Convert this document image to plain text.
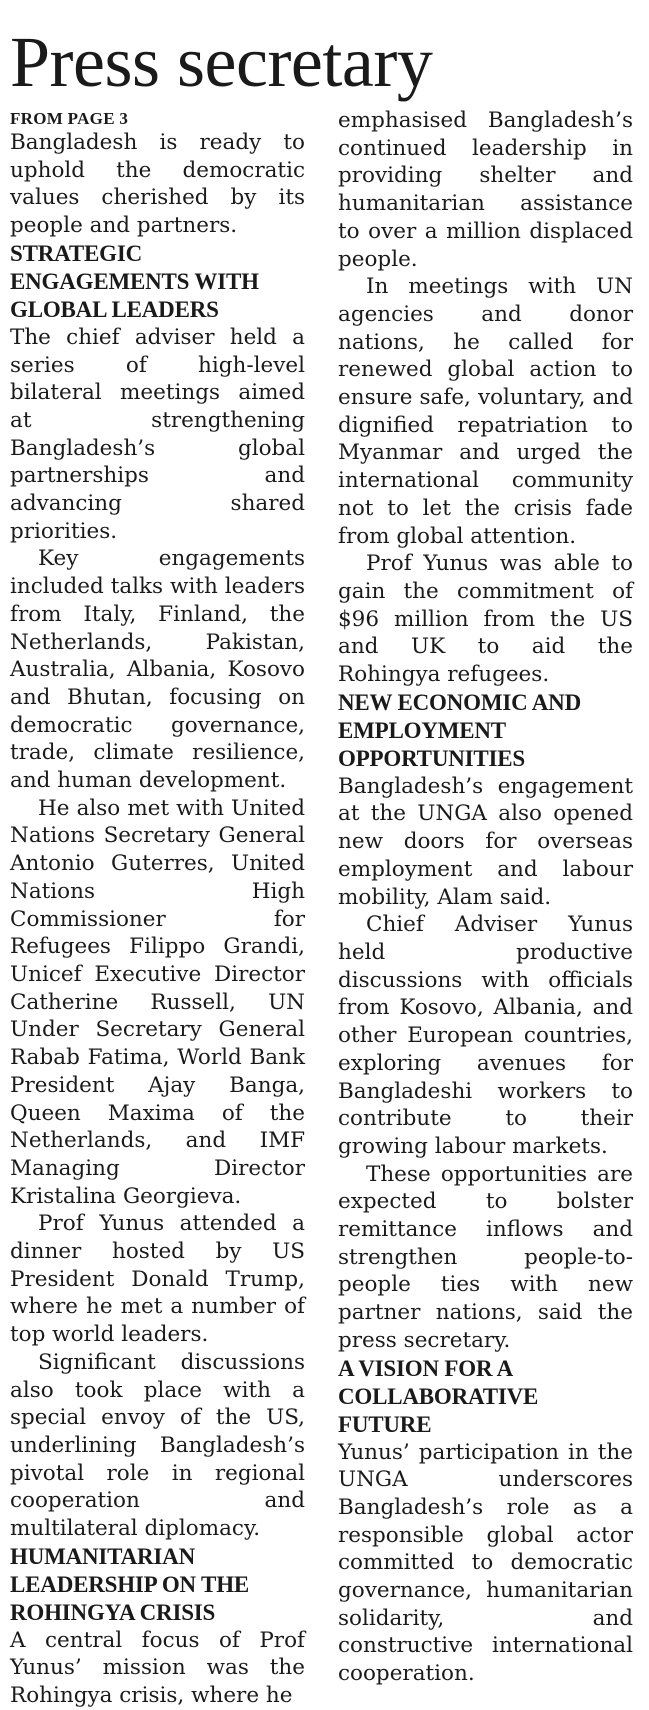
Press secretary
FROM PAGE 3

Bangladesh is ready to uphold the democratic values cherished by its people and partners.

STRATEGIC ENGAGEMENTS WITH GLOBAL LEADERS

The chief adviser held a series of high-level bilateral meetings aimed at strengthening Bangladesh’s global partnerships and advancing shared priorities.

Key engagements included talks with leaders from Italy, Finland, the Netherlands, Pakistan, Australia, Albania, Kosovo and Bhutan, focusing on democratic governance, trade, climate resilience, and human development.

He also met with United Nations Secretary General Antonio Guterres, United Nations High Commissioner for Refugees Filippo Grandi, Unicef Executive Director Catherine Russell, UN Under Secretary General Rabab Fatima, World Bank President Ajay Banga, Queen Maxima of the Netherlands, and IMF Managing Director Kristalina Georgieva.

Prof Yunus attended a dinner hosted by US President Donald Trump, where he met a number of top world leaders.

Significant discussions also took place with a special envoy of the US, underlining Bangladesh’s pivotal role in regional cooperation and multilateral diplomacy.

HUMANITARIAN LEADERSHIP ON THE ROHINGYA CRISIS

A central focus of Prof Yunus’ mission was the Rohingya crisis, where he

emphasised Bangladesh’s continued leadership in providing shelter and humanitarian assistance to over a million displaced people.

In meetings with UN agencies and donor nations, he called for renewed global action to ensure safe, voluntary, and dignified repatriation to Myanmar and urged the international community not to let the crisis fade from global attention.

Prof Yunus was able to gain the commitment of $96 million from the US and UK to aid the Rohingya refugees.

NEW ECONOMIC AND EMPLOYMENT OPPORTUNITIES

Bangladesh’s engagement at the UNGA also opened new doors for overseas employment and labour mobility, Alam said.

Chief Adviser Yunus held productive discussions with officials from Kosovo, Albania, and other European countries, exploring avenues for Bangladeshi workers to contribute to their growing labour markets.

These opportunities are expected to bolster remittance inflows and strengthen people-to-people ties with new partner nations, said the press secretary.

A VISION FOR A COLLABORATIVE FUTURE

Yunus’ participation in the UNGA underscores Bangladesh’s role as a responsible global actor committed to democratic governance, humanitarian solidarity, and constructive international cooperation.
